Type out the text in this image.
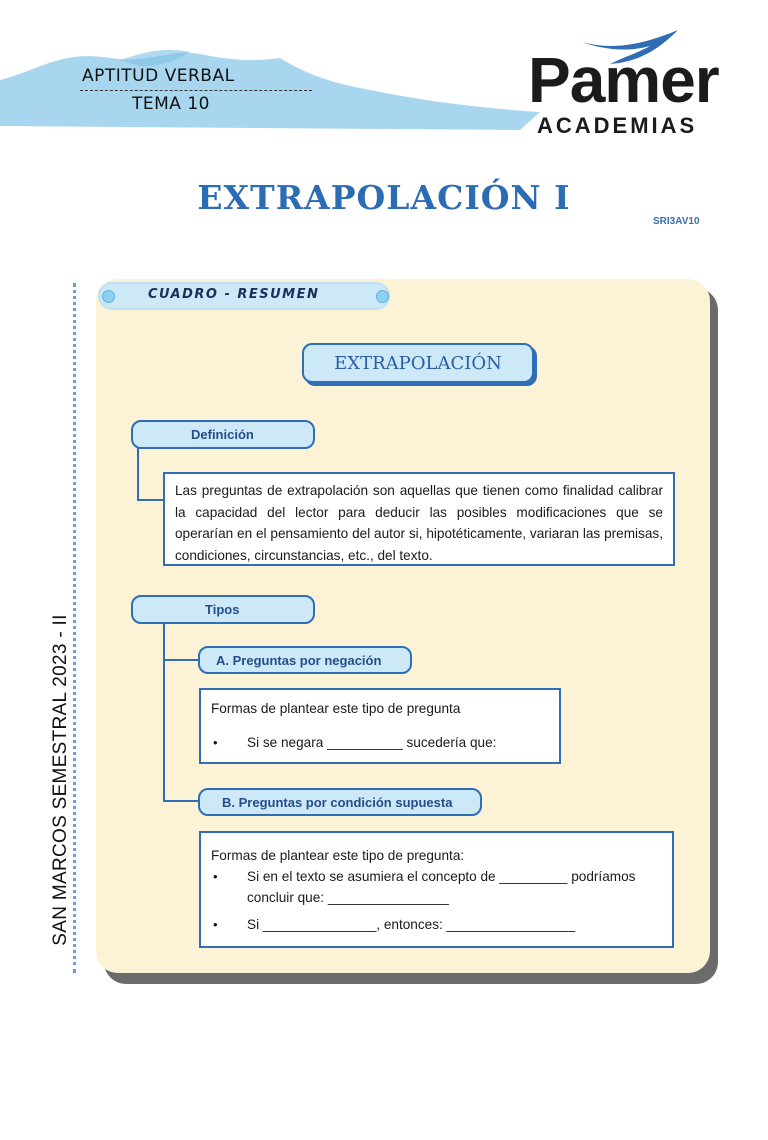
APTITUD VERBAL
TEMA 10	Pamer
ACADEMIAS
EXTRAPOLACIÓN I
SRI3AV10
SAN MARCOS SEMESTRAL 2023 - II
CUADRO - RESUMEN
EXTRAPOLACIÓN
Definición
Las preguntas de extrapolación son aquellas que tienen como finalidad calibrar la capacidad del lector para deducir las posibles modificaciones que se operarían en el pensamiento del autor si, hipotéticamente, variaran las premisas, condiciones, circunstancias, etc., del texto.
Tipos
A. Preguntas por negación
Formas de plantear este tipo de pregunta
• Si se negara __________ sucedería que:
B. Preguntas por condición supuesta
Formas de plantear este tipo de pregunta:
• Si en el texto se asumiera el concepto de _________ podríamos
concluir que: ________________
• Si _______________, entonces: _________________
